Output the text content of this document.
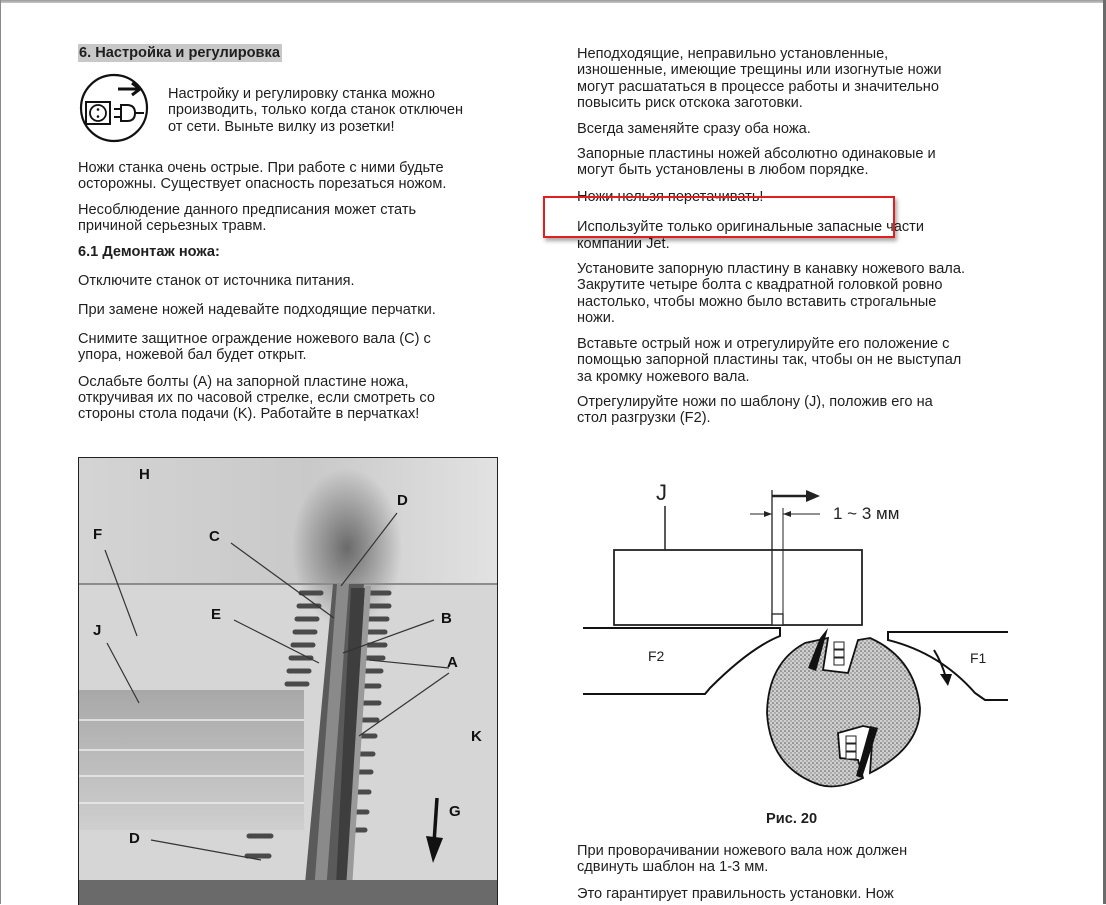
6. Настройка и регулировка

Настройку и регулировку станка можно

производить, только когда станок отключен

от сети. Выньте вилку из розетки!

Ножи станка очень острые. При работе с ними будьте

осторожны. Существует опасность порезаться ножом.

Несоблюдение данного предписания может стать

причиной серьезных травм.

6.1 Демонтаж ножа:
Отключите станок от источника питания.
При замене ножей надевайте подходящие перчатки.

Снимите защитное ограждение ножевого вала (C) с

упора, ножевой бал будет открыт.

Ослабьте болты (A) на запорной пластине ножа,

откручивая их по часовой стрелке, если смотреть со

стороны стола подачи (K). Работайте в перчатках!

H
D
C
F
E	B
A
J
K
G
D

Неподходящие, неправильно установленные,

изношенные, имеющие трещины или изогнутые ножи

могут расшататься в процессе работы и значительно

повысить риск отскока заготовки.

Всегда заменяйте сразу оба ножа.

Запорные пластины ножей абсолютно одинаковые и

могут быть установлены в любом порядке.

Ножи нельзя перетачивать!

Используйте только оригинальные запасные части

компании Jet.

Установите запорную пластину в канавку ножевого вала.

Закрутите четыре болта с квадратной головкой ровно

настолько, чтобы можно было вставить строгальные

ножи.

Вставьте острый нож и отрегулируйте его положение с

помощью запорной пластины так, чтобы он не выступал

за кромку ножевого вала.

Отрегулируйте ножи по шаблону (J), положив его на

стол разгрузки (F2).

J
1 ~ 3 мм
F2	F1
Рис. 20

При проворачивании ножевого вала нож должен

сдвинуть шаблон на 1-3 мм.

Это гарантирует правильность установки. Нож
